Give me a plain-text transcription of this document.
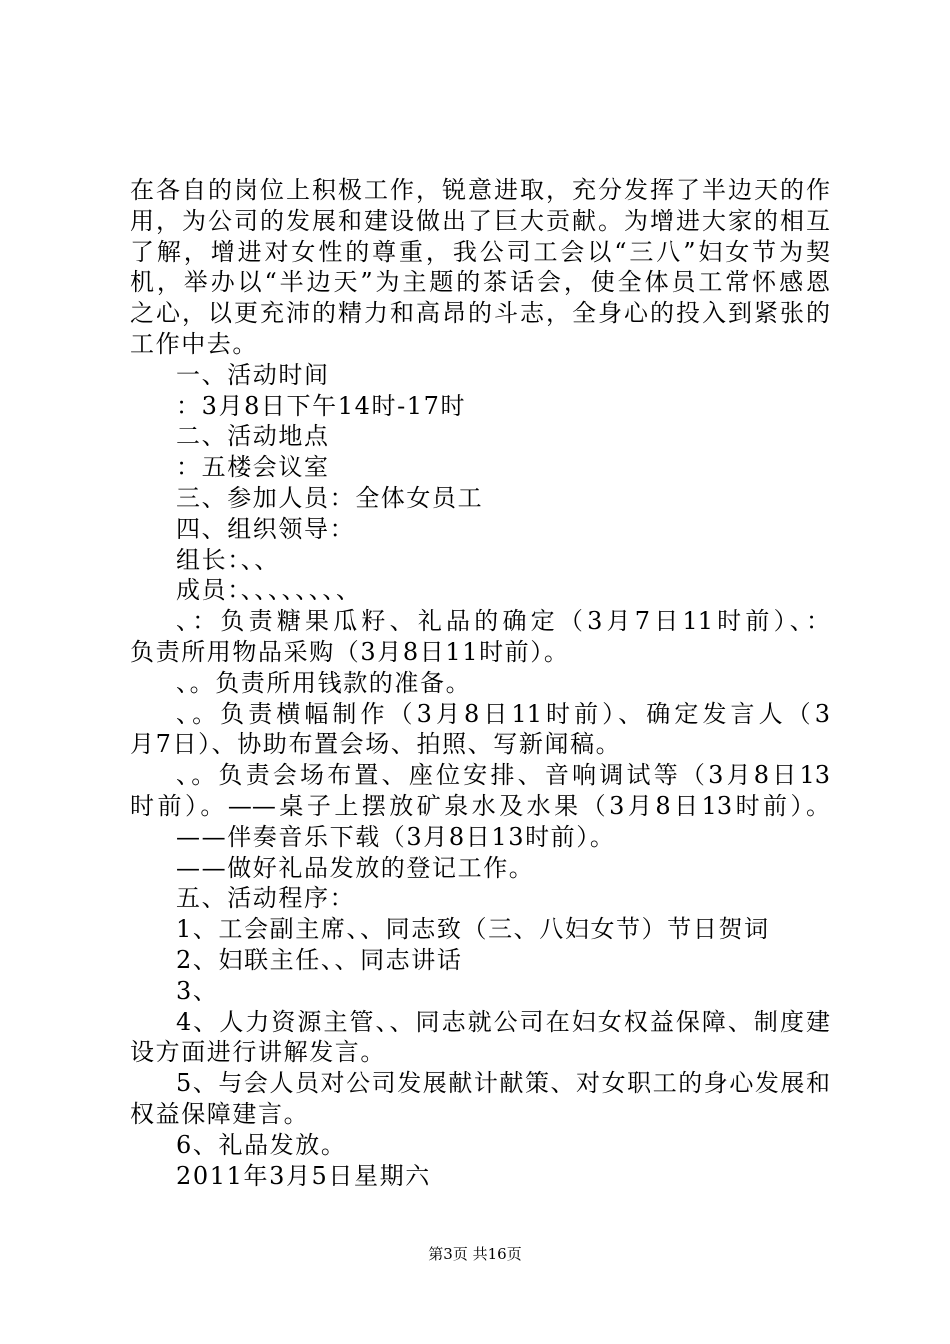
在各自的岗位上积极工作，锐意进取，充分发挥了半边天的作
用，为公司的发展和建设做出了巨大贡献。为增进大家的相互
了解，增进对女性的尊重，我公司工会以“三八”妇女节为契
机，举办以“半边天”为主题的茶话会，使全体员工常怀感恩
之心，以更充沛的精力和高昂的斗志，全身心的投入到紧张的
工作中去。
一、活动时间
：3月8日下午14时-17时
二、活动地点
：五楼会议室
三、参加人员：全体女员工
四、组织领导：
组长：、、
成员：、、、、、、、、
、：负责糖果瓜籽、礼品的确定（3月7日11时前）、：
负责所用物品采购（3月8日11时前）。
、。负责所用钱款的准备。
、。负责横幅制作（3月8日11时前）、确定发言人（3
月7日）、协助布置会场、拍照、写新闻稿。
、。负责会场布置、座位安排、音响调试等（3月8日13
时前）。——桌子上摆放矿泉水及水果（3月8日13时前）。
——伴奏音乐下载（3月8日13时前）。
——做好礼品发放的登记工作。
五、活动程序：
1、工会副主席、、同志致（三、八妇女节）节日贺词
2、妇联主任、、同志讲话
3、
4、人力资源主管、、同志就公司在妇女权益保障、制度建
设方面进行讲解发言。
5、与会人员对公司发展献计献策、对女职工的身心发展和
权益保障建言。
6、礼品发放。
2011年3月5日星期六
第3页 共16页
